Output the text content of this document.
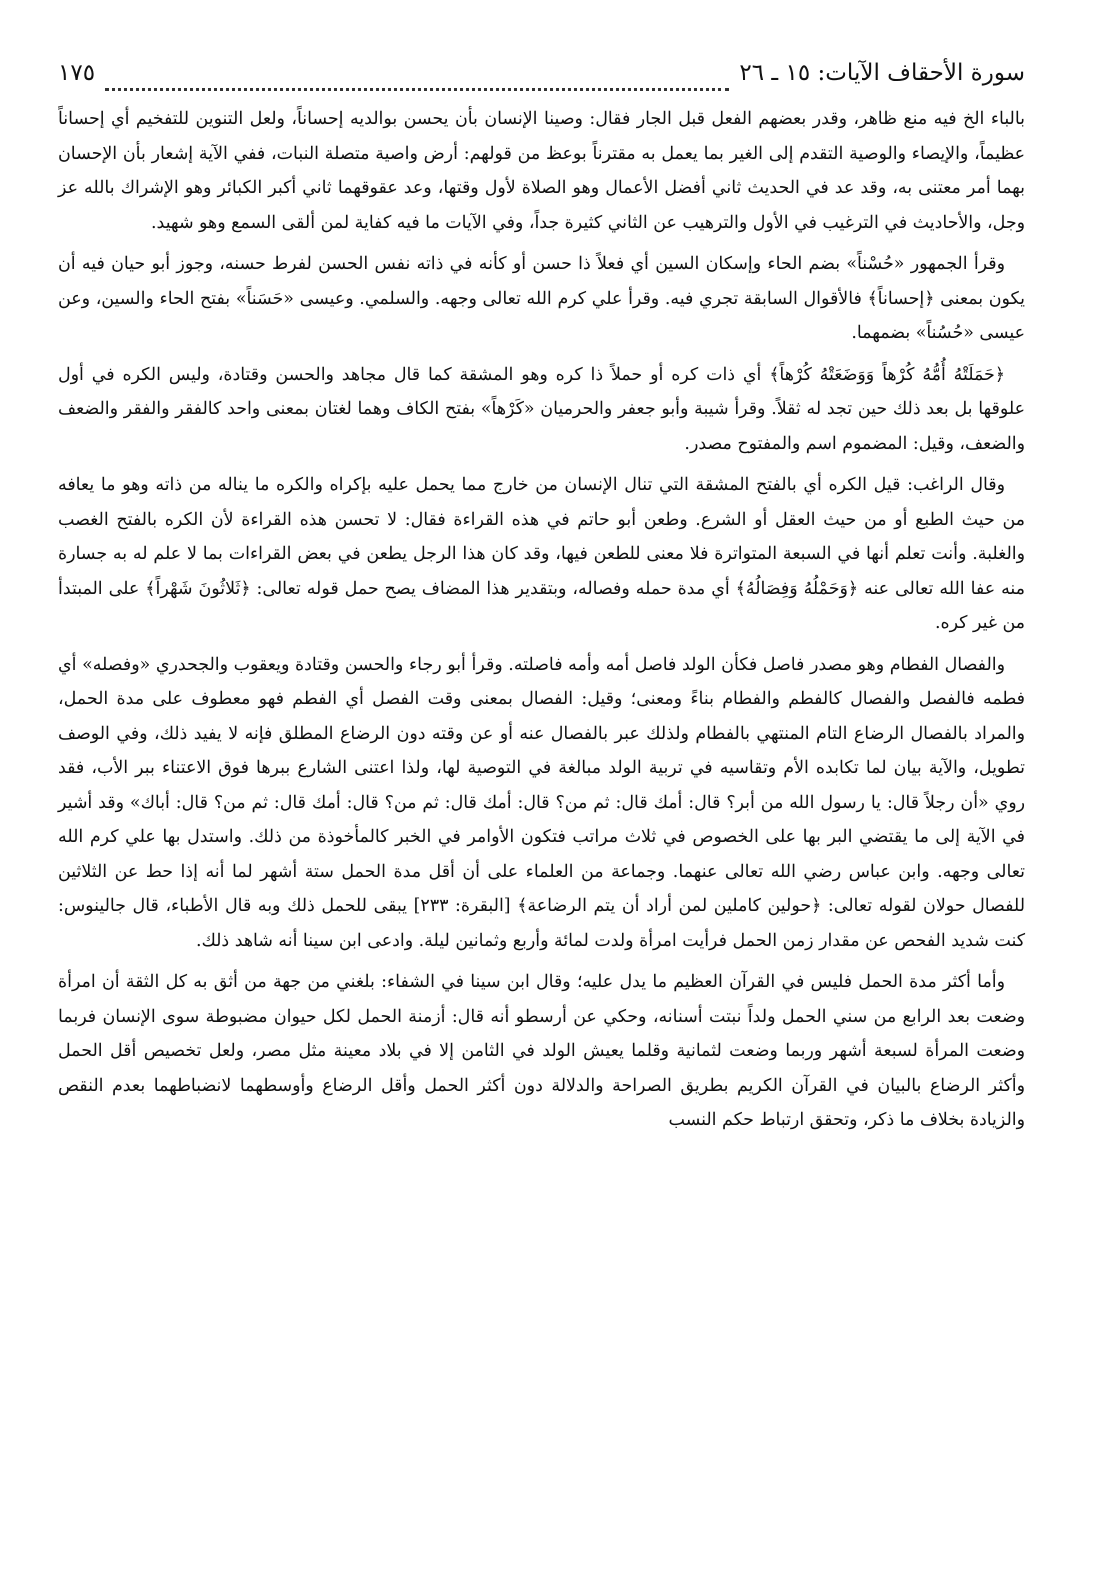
سورة الأحقاف الآيات: ١٥ ـ ٢٦
١٧٥

بالباء الخ فيه منع ظاهر، وقدر بعضهم الفعل قبل الجار فقال: وصينا الإنسان بأن يحسن بوالديه إحساناً، ولعل التنوين للتفخيم أي إحساناً عظيماً، والإيصاء والوصية التقدم إلى الغير بما يعمل به مقترناً بوعظ من قولهم: أرض واصية متصلة النبات، ففي الآية إشعار بأن الإحسان بهما أمر معتنى به، وقد عد في الحديث ثاني أفضل الأعمال وهو الصلاة لأول وقتها، وعد عقوقهما ثاني أكبر الكبائر وهو الإشراك بالله عز وجل، والأحاديث في الترغيب في الأول والترهيب عن الثاني كثيرة جداً، وفي الآيات ما فيه كفاية لمن ألقى السمع وهو شهيد.

وقرأ الجمهور «حُسْناً» بضم الحاء وإسكان السين أي فعلاً ذا حسن أو كأنه في ذاته نفس الحسن لفرط حسنه، وجوز أبو حيان فيه أن يكون بمعنى ﴿إحساناً﴾ فالأقوال السابقة تجري فيه. وقرأ علي كرم الله تعالى وجهه. والسلمي. وعيسى «حَسَناً» بفتح الحاء والسين، وعن عيسى «حُسُناً» بضمهما.

﴿حَمَلَتْهُ أُمُّهُ كُرْهاً وَوَضَعَتْهُ كُرْهاً﴾ أي ذات كره أو حملاً ذا كره وهو المشقة كما قال مجاهد والحسن وقتادة، وليس الكره في أول علوقها بل بعد ذلك حين تجد له ثقلاً. وقرأ شيبة وأبو جعفر والحرميان «كَرْهاً» بفتح الكاف وهما لغتان بمعنى واحد كالفقر والفقر والضعف والضعف، وقيل: المضموم اسم والمفتوح مصدر.

وقال الراغب: قيل الكره أي بالفتح المشقة التي تنال الإنسان من خارج مما يحمل عليه بإكراه والكره ما يناله من ذاته وهو ما يعافه من حيث الطبع أو من حيث العقل أو الشرع. وطعن أبو حاتم في هذه القراءة فقال: لا تحسن هذه القراءة لأن الكره بالفتح الغصب والغلبة. وأنت تعلم أنها في السبعة المتواترة فلا معنى للطعن فيها، وقد كان هذا الرجل يطعن في بعض القراءات بما لا علم له به جسارة منه عفا الله تعالى عنه ﴿وَحَمْلُهُ وَفِصَالُهُ﴾ أي مدة حمله وفصاله، وبتقدير هذا المضاف يصح حمل قوله تعالى: ﴿ثَلاثُونَ شَهْراً﴾ على المبتدأ من غير كره.

والفصال الفطام وهو مصدر فاصل فكأن الولد فاصل أمه وأمه فاصلته. وقرأ أبو رجاء والحسن وقتادة ويعقوب والجحدري «وفصله» أي فطمه فالفصل والفصال كالفطم والفطام بناءً ومعنى؛ وقيل: الفصال بمعنى وقت الفصل أي الفطم فهو معطوف على مدة الحمل، والمراد بالفصال الرضاع التام المنتهي بالفطام ولذلك عبر بالفصال عنه أو عن وقته دون الرضاع المطلق فإنه لا يفيد ذلك، وفي الوصف تطويل، والآية بيان لما تكابده الأم وتقاسيه في تربية الولد مبالغة في التوصية لها، ولذا اعتنى الشارع ببرها فوق الاعتناء ببر الأب، فقد روي «أن رجلاً قال: يا رسول الله من أبر؟ قال: أمك قال: ثم من؟ قال: أمك قال: ثم من؟ قال: أمك قال: ثم من؟ قال: أباك» وقد أشير في الآية إلى ما يقتضي البر بها على الخصوص في ثلاث مراتب فتكون الأوامر في الخبر كالمأخوذة من ذلك. واستدل بها علي كرم الله تعالى وجهه. وابن عباس رضي الله تعالى عنهما. وجماعة من العلماء على أن أقل مدة الحمل ستة أشهر لما أنه إذا حط عن الثلاثين للفصال حولان لقوله تعالى: ﴿حولين كاملين لمن أراد أن يتم الرضاعة﴾ [البقرة: ٢٣٣] يبقى للحمل ذلك وبه قال الأطباء، قال جالينوس: كنت شديد الفحص عن مقدار زمن الحمل فرأيت امرأة ولدت لمائة وأربع وثمانين ليلة. وادعى ابن سينا أنه شاهد ذلك.

وأما أكثر مدة الحمل فليس في القرآن العظيم ما يدل عليه؛ وقال ابن سينا في الشفاء: بلغني من جهة من أثق به كل الثقة أن امرأة وضعت بعد الرابع من سني الحمل ولداً نبتت أسنانه، وحكي عن أرسطو أنه قال: أزمنة الحمل لكل حيوان مضبوطة سوى الإنسان فربما وضعت المرأة لسبعة أشهر وربما وضعت لثمانية وقلما يعيش الولد في الثامن إلا في بلاد معينة مثل مصر، ولعل تخصيص أقل الحمل وأكثر الرضاع بالبيان في القرآن الكريم بطريق الصراحة والدلالة دون أكثر الحمل وأقل الرضاع وأوسطهما لانضباطهما بعدم النقص والزيادة بخلاف ما ذكر، وتحقق ارتباط حكم النسب
